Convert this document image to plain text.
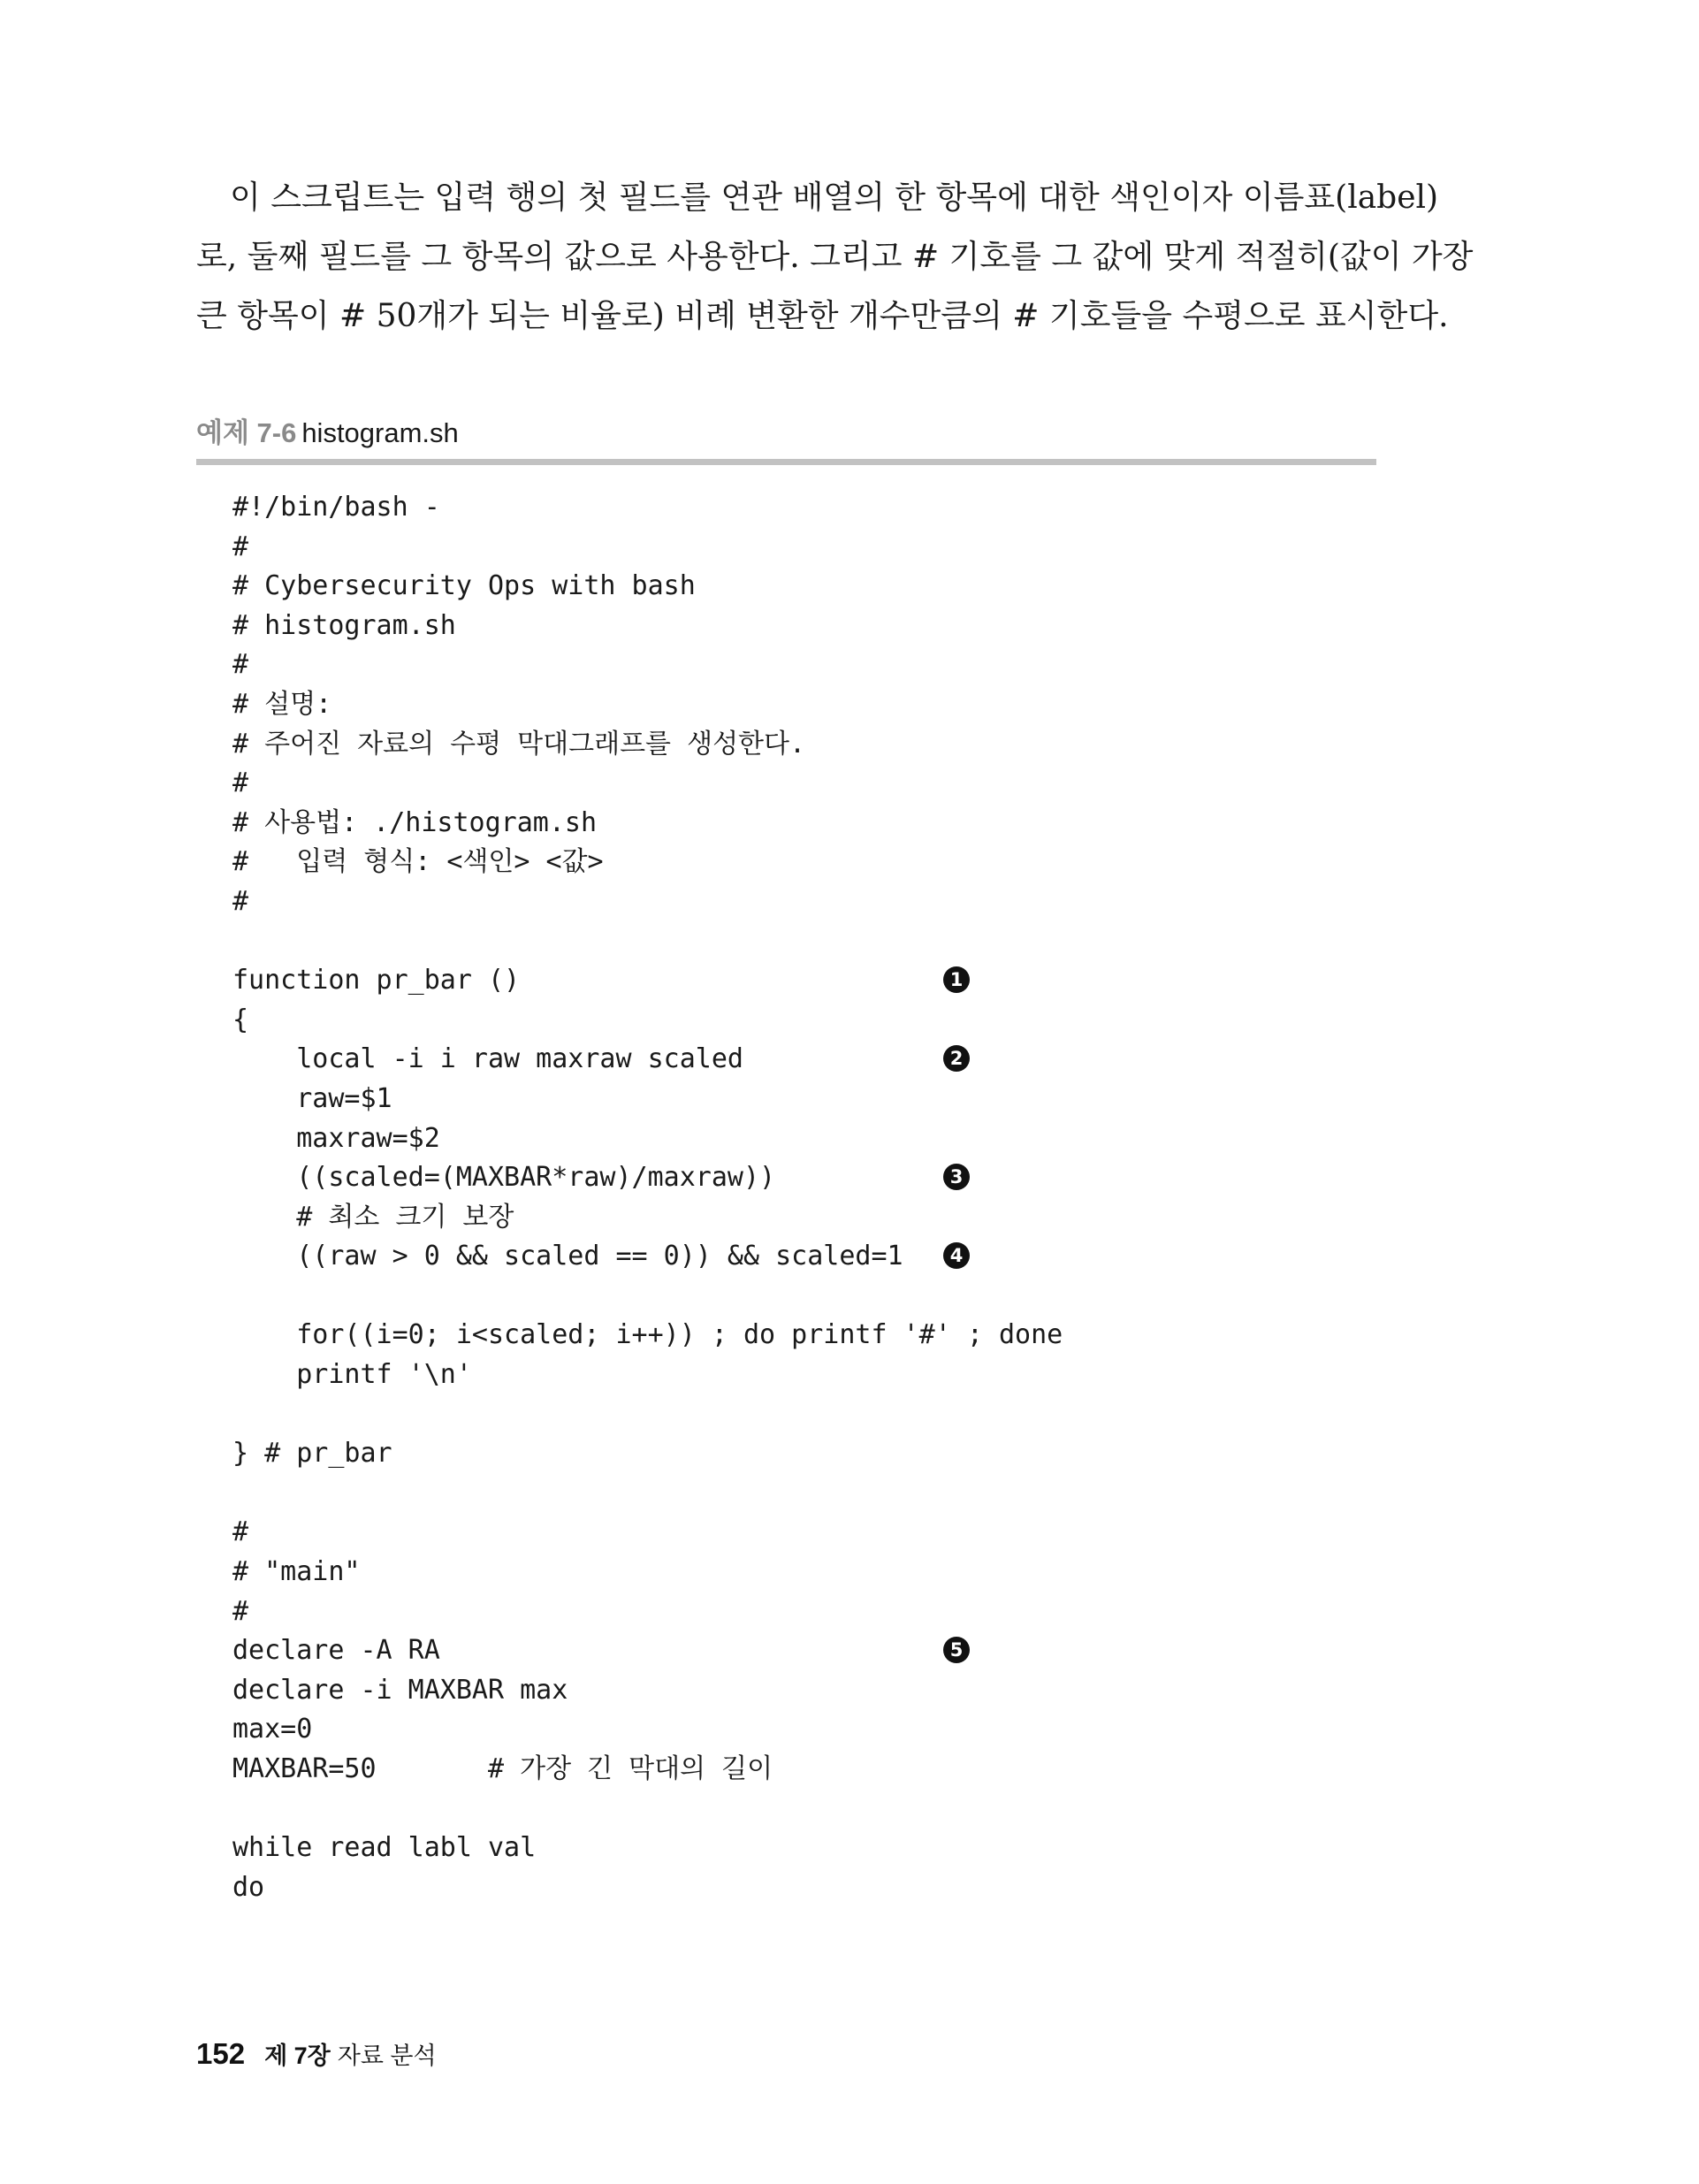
이 스크립트는 입력 행의 첫 필드를 연관 배열의 한 항목에 대한 색인이자 이름표(label)

로, 둘째 필드를 그 항목의 값으로 사용한다. 그리고 # 기호를 그 값에 맞게 적절히(값이 가장

큰 항목이 # 50개가 되는 비율로) 비례 변환한 개수만큼의 # 기호들을 수평으로 표시한다.

예제 7-6 histogram.sh
#!/bin/bash -
#
# Cybersecurity Ops with bash
# histogram.sh
#
# 설명:
# 주어진 자료의 수평 막대그래프를 생성한다.
#
# 사용법: ./histogram.sh
#   입력 형식: <색인> <값>
#
function pr_bar ()	1
{
local -i i raw maxraw scaled	2
raw=$1
maxraw=$2
((scaled=(MAXBAR*raw)/maxraw))	3
# 최소 크기 보장
((raw > 0 && scaled == 0)) && scaled=1	4
for((i=0; i<scaled; i++)) ; do printf '#' ; done
printf '\n'
} # pr_bar
#
# "main"
#
declare -A RA	5
declare -i MAXBAR max
max=0
MAXBAR=50       # 가장 긴 막대의 길이
while read labl val
do
152 제 7장 자료 분석
